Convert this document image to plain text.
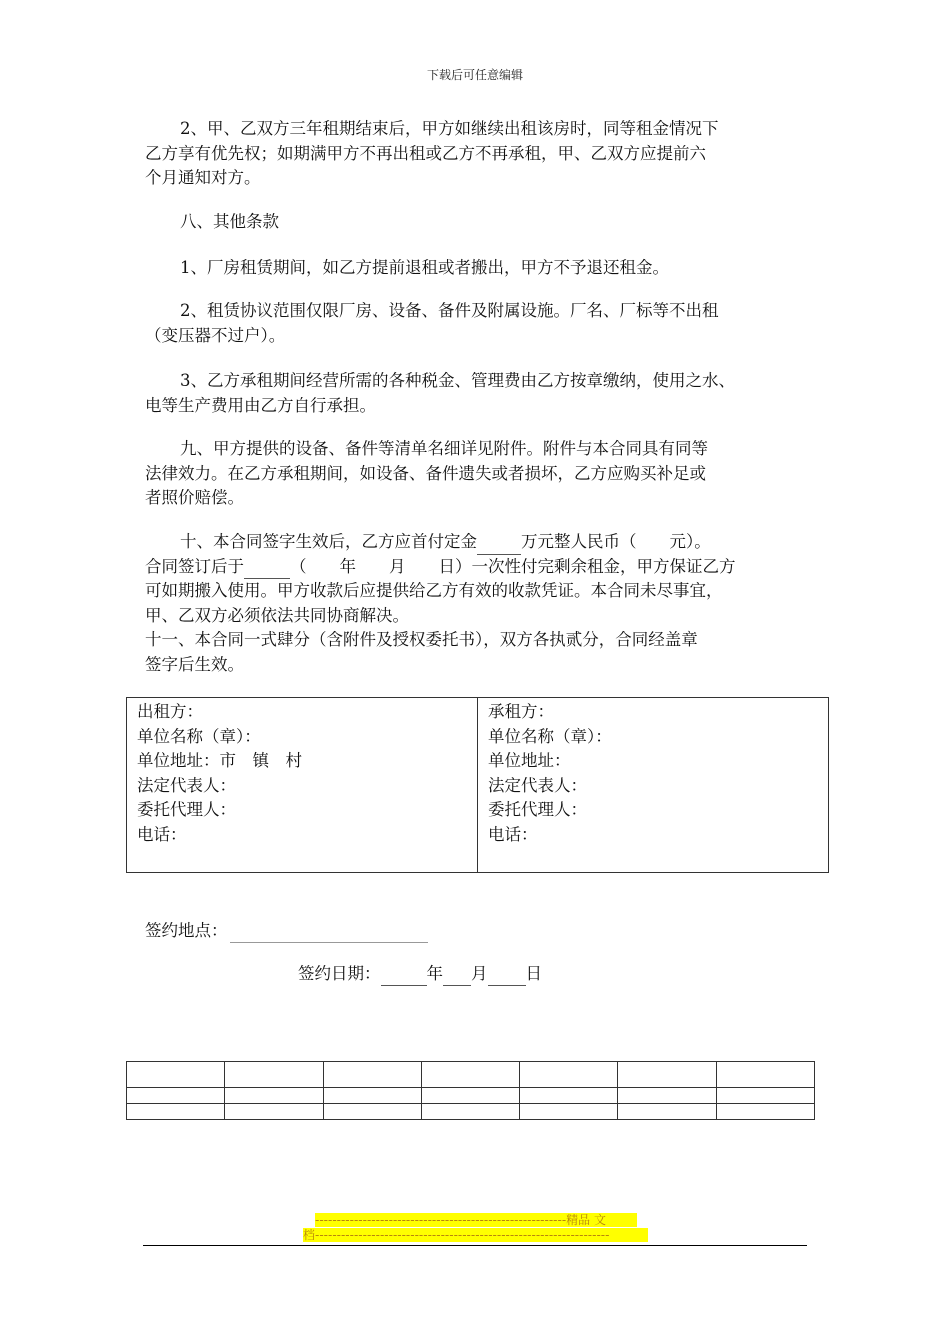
下载后可任意编辑
2、甲、乙双方三年租期结束后，甲方如继续出租该房时，同等租金情况下
乙方享有优先权；如期满甲方不再出租或乙方不再承租，甲、乙双方应提前六
个月通知对方。
八、其他条款
1、厂房租赁期间，如乙方提前退租或者搬出，甲方不予退还租金。
2、租赁协议范围仅限厂房、设备、备件及附属设施。厂名、厂标等不出租
（变压器不过户）。
3、乙方承租期间经营所需的各种税金、管理费由乙方按章缴纳，使用之水、
电等生产费用由乙方自行承担。
九、甲方提供的设备、备件等清单名细详见附件。附件与本合同具有同等
法律效力。在乙方承租期间，如设备、备件遗失或者损坏，乙方应购买补足或
者照价赔偿。
十、本合同签字生效后，乙方应首付定金	万元整人民币（　　元）。
合同签订后于	（　　年　　月　　日）一次性付完剩余租金，甲方保证乙方
可如期搬入使用。甲方收款后应提供给乙方有效的收款凭证。本合同未尽事宜，
甲、乙双方必须依法共同协商解决。
十一、本合同一式肆分（含附件及授权委托书），双方各执贰分，合同经盖章
签字后生效。
出租方：
单位名称（章）：
单位地址：市　镇　村
法定代表人：
委托代理人：
电话：

承租方：
单位名称（章）：
单位地址：
法定代表人：
委托代理人：
电话：
签约地点：
签约日期：	年 月 日

----------------------------------------------------------精品 文
档--------------------------------------------------------------------
